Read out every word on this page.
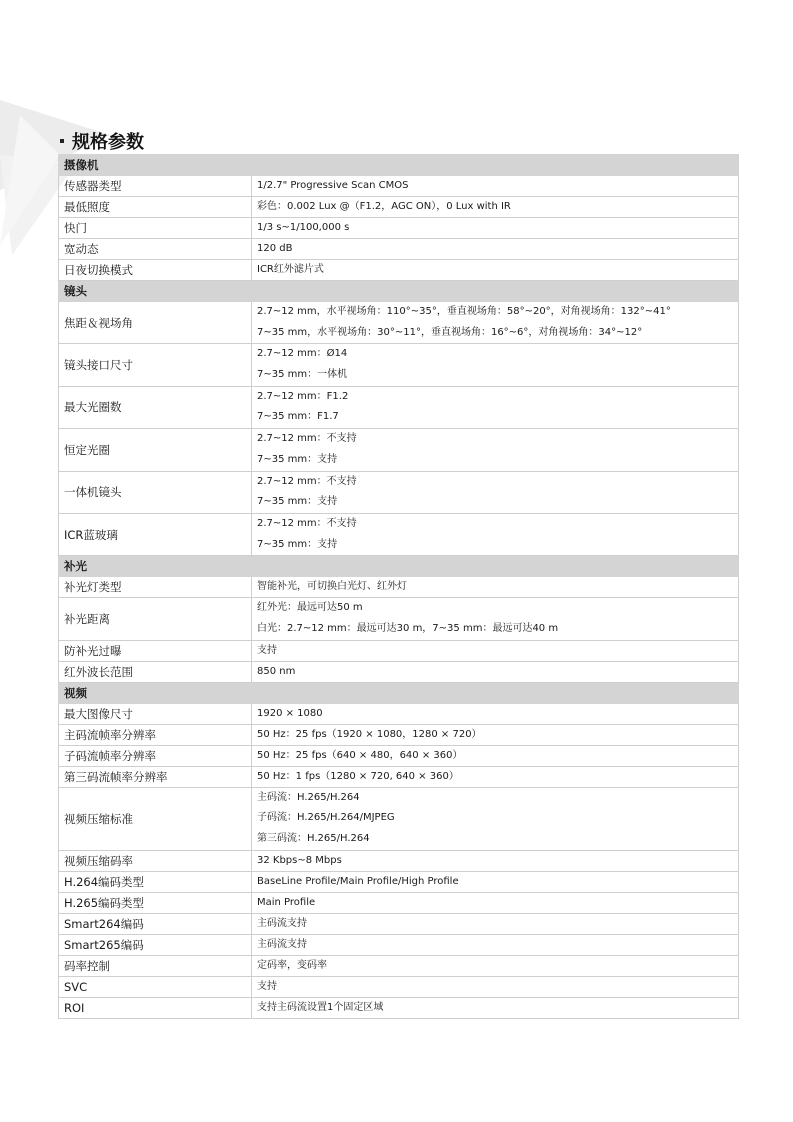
规格参数
摄像机	
传感器类型	1/2.7" Progressive Scan CMOS
最低照度	彩色：0.002 Lux @（F1.2，AGC ON），0 Lux with IR
快门	1/3 s~1/100,000 s
宽动态	120 dB
日夜切换模式	ICR红外滤片式
镜头	
焦距＆视场角	2.7~12 mm，水平视场角：110°~35°，垂直视场角：58°~20°，对角视场角：132°~41°
7~35 mm，水平视场角：30°~11°，垂直视场角：16°~6°，对角视场角：34°~12°

镜头接口尺寸	2.7~12 mm：Ø14
7~35 mm：一体机

最大光圈数	2.7~12 mm：F1.2
7~35 mm：F1.7

恒定光圈	2.7~12 mm：不支持
7~35 mm：支持

一体机镜头	2.7~12 mm：不支持
7~35 mm：支持

ICR蓝玻璃	2.7~12 mm：不支持
7~35 mm：支持

补光	
补光灯类型	智能补光，可切换白光灯、红外灯
补光距离	红外光：最远可达50 m
白光：2.7~12 mm：最远可达30 m，7~35 mm：最远可达40 m

防补光过曝	支持
红外波长范围	850 nm
视频	
最大图像尺寸	1920 × 1080
主码流帧率分辨率	50 Hz：25 fps（1920 × 1080，1280 × 720）
子码流帧率分辨率	50 Hz：25 fps（640 × 480，640 × 360）
第三码流帧率分辨率	50 Hz：1 fps（1280 × 720, 640 × 360）
视频压缩标准	主码流：H.265/H.264
子码流：H.265/H.264/MJPEG
第三码流：H.265/H.264

视频压缩码率	32 Kbps~8 Mbps
H.264编码类型	BaseLine Profile/Main Profile/High Profile
H.265编码类型	Main Profile
Smart264编码	主码流支持
Smart265编码	主码流支持
码率控制	定码率，变码率
SVC	支持
ROI	支持主码流设置1个固定区域
